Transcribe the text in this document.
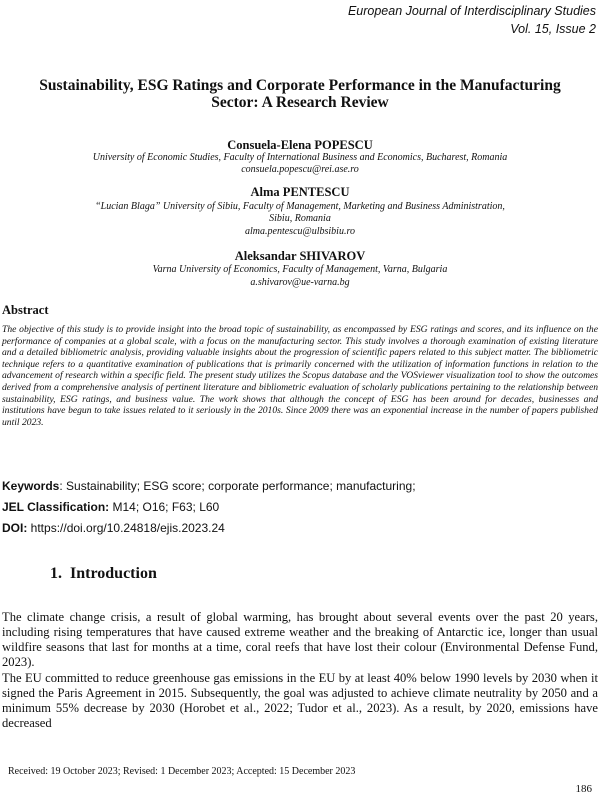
European Journal of Interdisciplinary Studies
Vol. 15, Issue 2
Sustainability, ESG Ratings and Corporate Performance in the Manufacturing Sector: A Research Review
Consuela-Elena POPESCU
University of Economic Studies, Faculty of International Business and Economics, Bucharest, Romania
consuela.popescu@rei.ase.ro
Alma PENTESCU
“Lucian Blaga” University of Sibiu, Faculty of Management, Marketing and Business Administration,
Sibiu, Romania
alma.pentescu@ulbsibiu.ro
Aleksandar SHIVAROV
Varna University of Economics, Faculty of Management, Varna, Bulgaria
a.shivarov@ue-varna.bg
Abstract
The objective of this study is to provide insight into the broad topic of sustainability, as encompassed by ESG ratings and scores, and its influence on the performance of companies at a global scale, with a focus on the manufacturing sector. This study involves a thorough examination of existing literature and a detailed bibliometric analysis, providing valuable insights about the progression of scientific papers related to this subject matter. The bibliometric technique refers to a quantitative examination of publications that is primarily concerned with the utilization of information functions in relation to the advancement of research within a specific field. The present study utilizes the Scopus database and the VOSviewer visualization tool to show the outcomes derived from a comprehensive analysis of pertinent literature and bibliometric evaluation of scholarly publications pertaining to the relationship between sustainability, ESG ratings, and business value. The work shows that although the concept of ESG has been around for decades, businesses and institutions have begun to take issues related to it seriously in the 2010s. Since 2009 there was an exponential increase in the number of papers published until 2023.
Keywords: Sustainability; ESG score; corporate performance; manufacturing;
JEL Classification: M14; O16; F63; L60
DOI: https://doi.org/10.24818/ejis.2023.24
1. Introduction
The climate change crisis, a result of global warming, has brought about several events over the past 20 years, including rising temperatures that have caused extreme weather and the breaking of Antarctic ice, longer than usual wildfire seasons that last for months at a time, coral reefs that have lost their colour (Environmental Defense Fund, 2023).
The EU committed to reduce greenhouse gas emissions in the EU by at least 40% below 1990 levels by 2030 when it signed the Paris Agreement in 2015. Subsequently, the goal was adjusted to achieve climate neutrality by 2050 and a minimum 55% decrease by 2030 (Horobet et al., 2022; Tudor et al., 2023). As a result, by 2020, emissions have decreased
Received: 19 October 2023; Revised: 1 December 2023; Accepted: 15 December 2023
186
